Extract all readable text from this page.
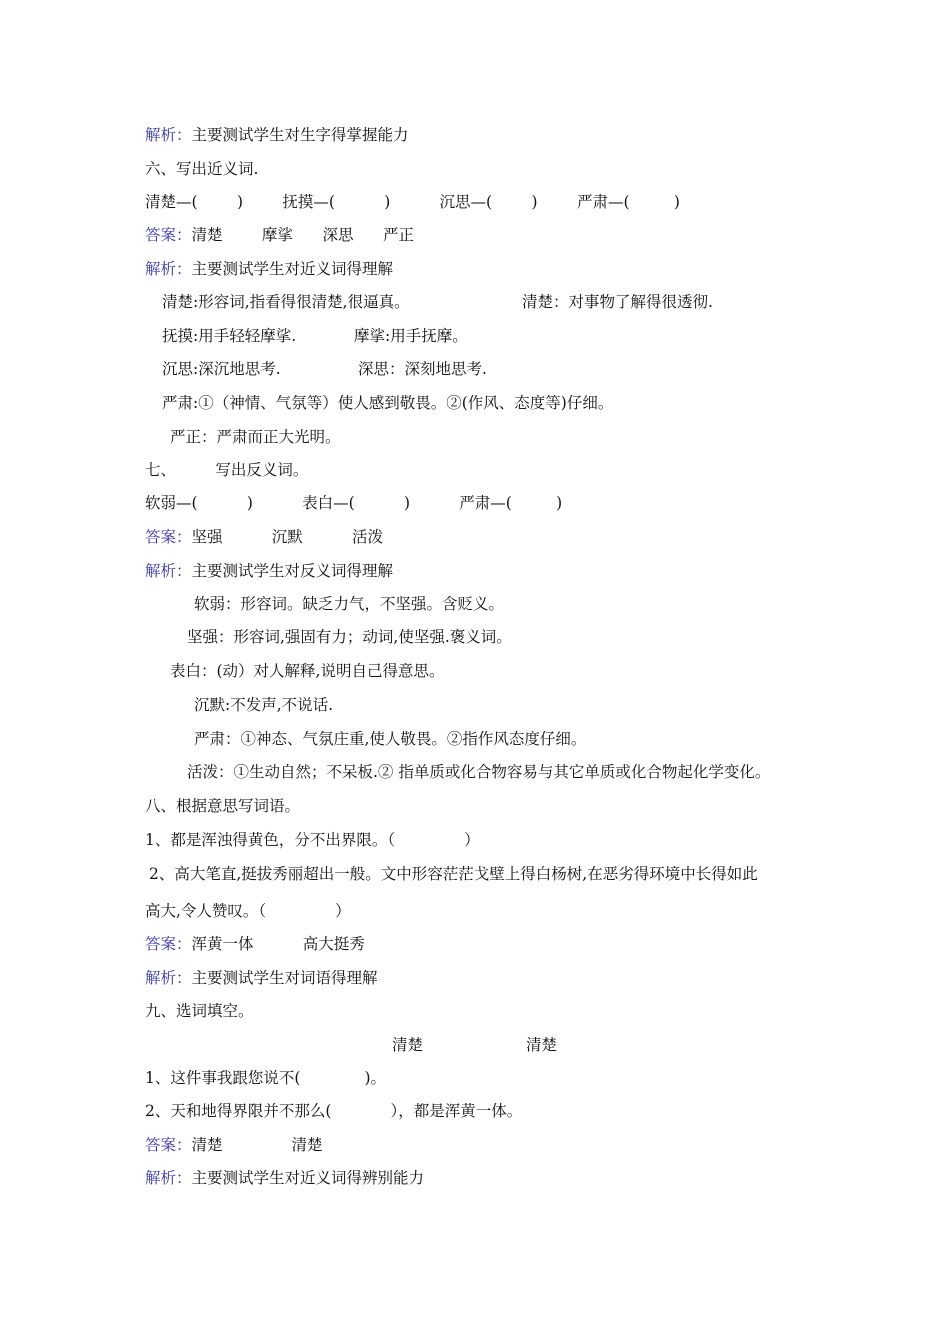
解析：主要测试学生对生字得掌握能力
六、写出近义词.
清楚—(        )        抚摸—(          )          沉思—(        )        严肃—(         )
答案：清楚        摩挲      深思      严正
解析：主要测试学生对近义词得理解
清楚:形容词,指看得很清楚,很逼真。	清楚：对事物了解得很透彻.
抚摸:用手轻轻摩挲.	摩挲:用手抚摩。
沉思:深沉地思考.	深思：深刻地思考.
严肃:①（神情、气氛等）使人感到敬畏。②(作风、态度等)仔细。
严正：严肃而正大光明。
七、        写出反义词。
软弱—(          )          表白—(          )          严肃—(         )
答案：坚强          沉默          活泼
解析：主要测试学生对反义词得理解
软弱：形容词。缺乏力气，不坚强。含贬义。
坚强：形容词,强固有力；动词,使坚强.褒义词。
表白：(动）对人解释,说明自己得意思。
沉默:不发声,不说话.
严肃：①神态、气氛庄重,使人敬畏。②指作风态度仔细。
活泼：①生动自然；不呆板.② 指单质或化合物容易与其它单质或化合物起化学变化。
八、根据意思写词语。
1、都是浑浊得黄色，分不出界限。（              ）
2、高大笔直,挺拔秀丽超出一般。文中形容茫茫戈壁上得白杨树,在恶劣得环境中长得如此
高大,令人赞叹。（              ）
答案：浑黄一体          高大挺秀
解析：主要测试学生对词语得理解
九、选词填空。
清楚	清楚
1、这件事我跟您说不(             )。
2、天和地得界限并不那么(            ），都是浑黄一体。
答案：清楚              清楚
解析：主要测试学生对近义词得辨别能力
